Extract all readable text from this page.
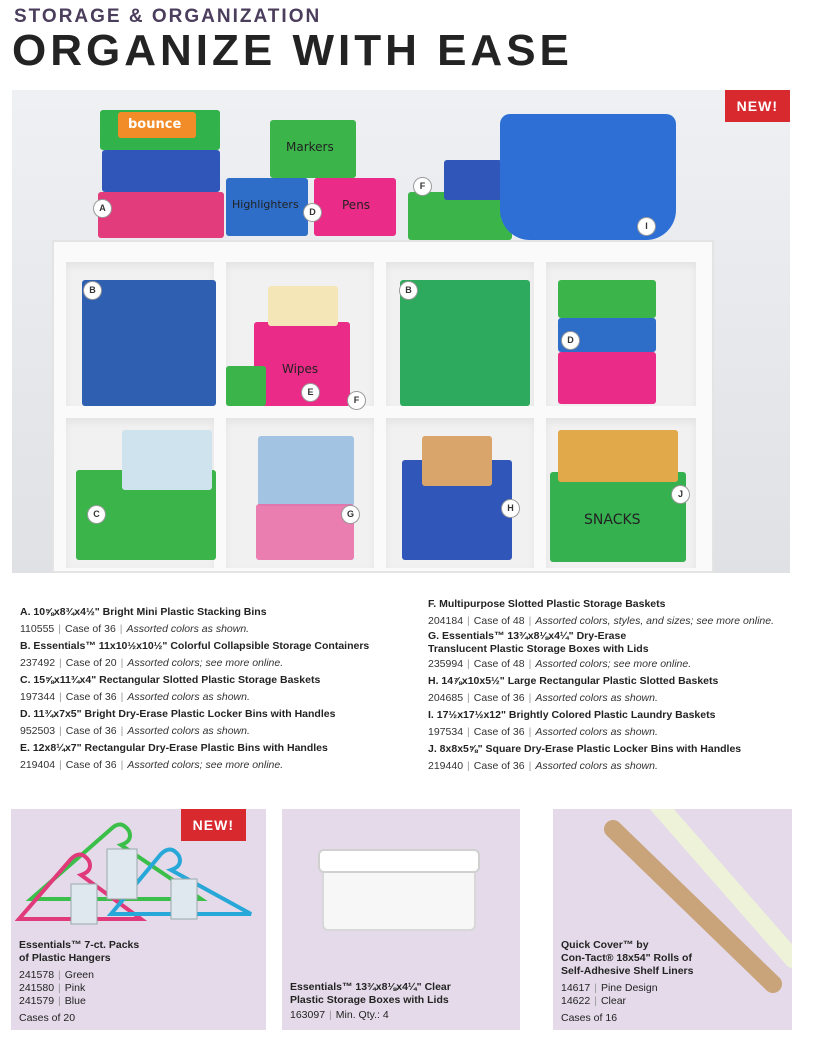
STORAGE & ORGANIZATION
ORGANIZE WITH EASE
NEW!
bounce
Markers
Highlighters	Pens
Wipes
SNACKS
A
B	B
C
D
D
E
F
F
G
H
I
J
A. 10⅝x8¾x4½" Bright Mini Plastic Stacking Bins
110555 | Case of 36 | Assorted colors as shown.
B. Essentials™ 11x10½x10½" Colorful Collapsible Storage Containers
237492 | Case of 20 | Assorted colors; see more online.
C. 15⅝x11¾x4" Rectangular Slotted Plastic Storage Baskets
197344 | Case of 36 | Assorted colors as shown.
D. 11¾x7x5" Bright Dry-Erase Plastic Locker Bins with Handles
952503 | Case of 36 | Assorted colors as shown.
E. 12x8¼x7" Rectangular Dry-Erase Plastic Bins with Handles
219404 | Case of 36 | Assorted colors; see more online.
F. Multipurpose Slotted Plastic Storage Baskets
204184 | Case of 48 | Assorted colors, styles, and sizes; see more online.
G. Essentials™ 13¾x8⅛x4¼" Dry-Erase
Translucent Plastic Storage Boxes with Lids
235994 | Case of 48 | Assorted colors; see more online.
H. 14⅞x10x5½" Large Rectangular Plastic Slotted Baskets
204685 | Case of 36 | Assorted colors as shown.
I. 17½x17½x12" Brightly Colored Plastic Laundry Baskets
197534 | Case of 36 | Assorted colors as shown.
J. 8x8x5⅝" Square Dry-Erase Plastic Locker Bins with Handles
219440 | Case of 36 | Assorted colors as shown.
NEW!
Essentials™ 7-ct. Packs
of Plastic Hangers
241578 | Green
241580 | Pink
241579 | Blue
Cases of 20
Essentials™ 13¾x8⅛x4¼" Clear
Plastic Storage Boxes with Lids
163097 | Min. Qty.: 4
Quick Cover™ by
Con-Tact® 18x54" Rolls of
Self-Adhesive Shelf Liners
14617 | Pine Design
14622 | Clear
Cases of 16
